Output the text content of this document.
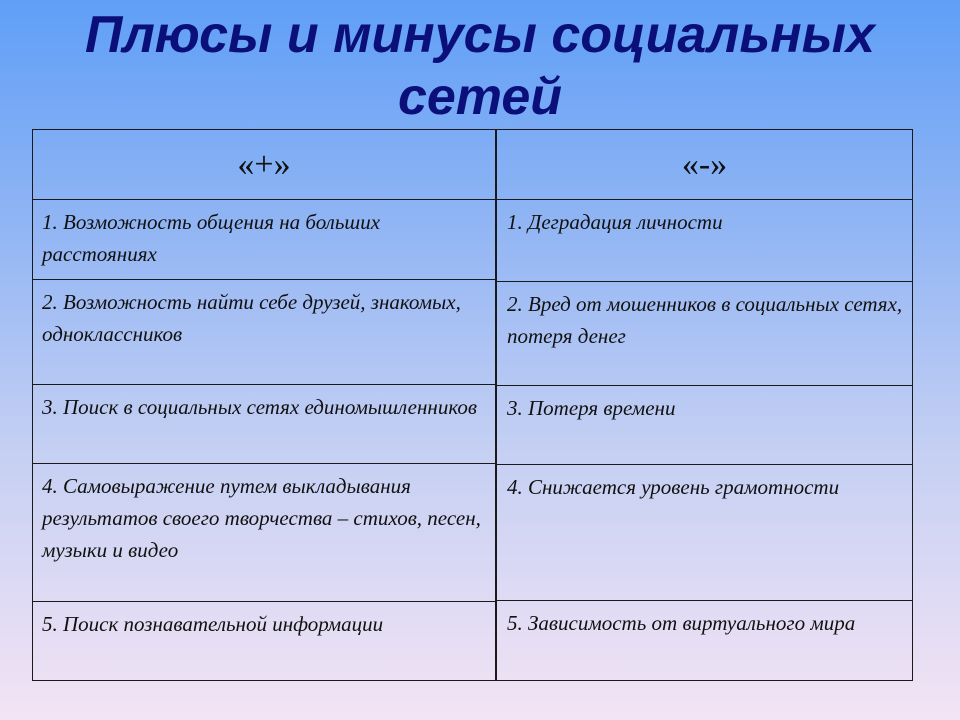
Плюсы и минусы социальных сетей
«+»	«-»
1. Возможность общения на больших расстояниях
2. Возможность найти себе друзей, знакомых, одноклассников
3. Поиск в социальных сетях единомышленников
4. Самовыражение путем выкладывания результатов своего творчества – стихов, песен, музыки и видео
5. Поиск познавательной информации
1. Деградация личности
2. Вред от мошенников в социальных сетях, потеря денег
3. Потеря времени
4. Снижается уровень грамотности
5. Зависимость от виртуального мира
